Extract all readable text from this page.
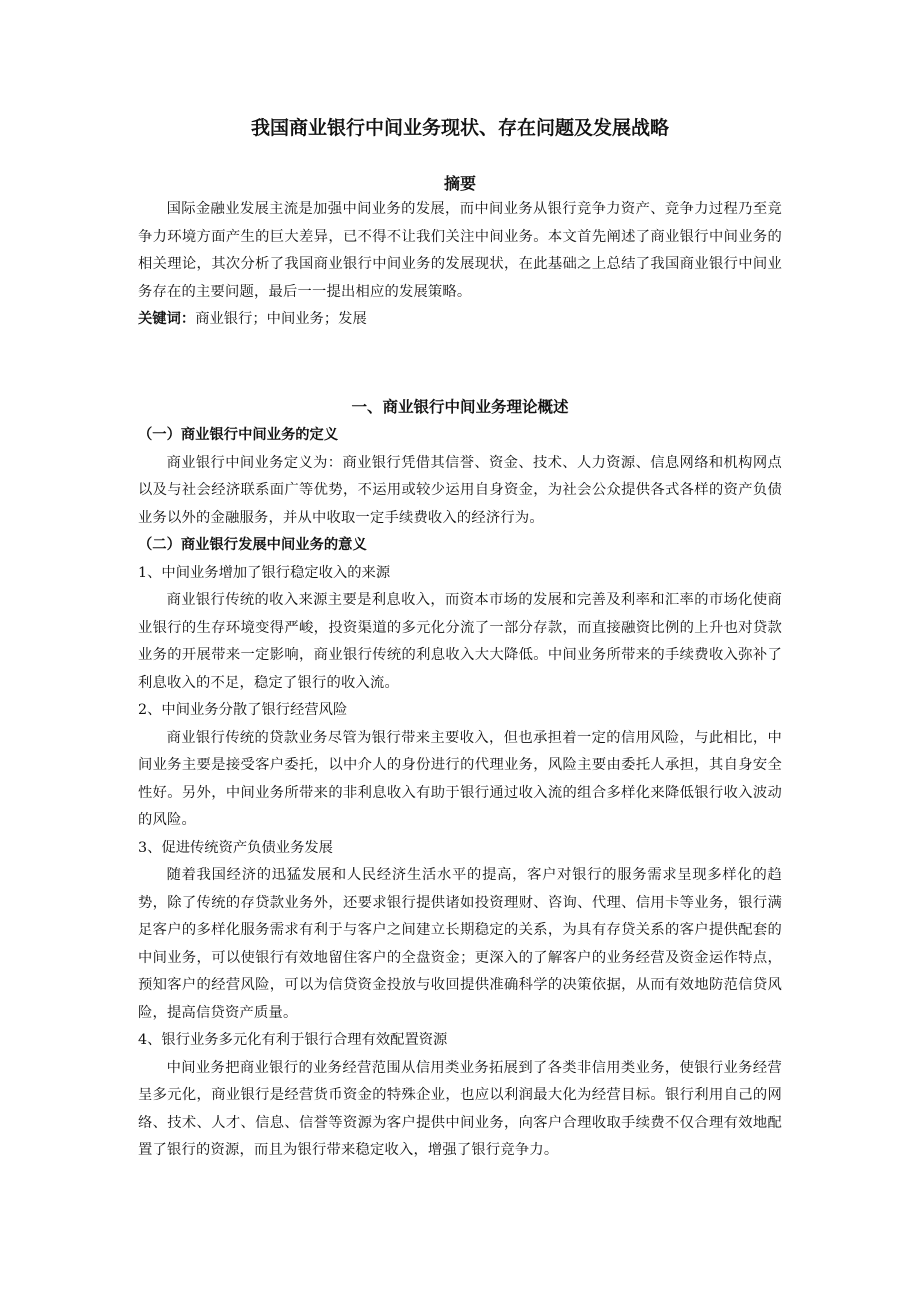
我国商业银行中间业务现状、存在问题及发展战略
摘要

国际金融业发展主流是加强中间业务的发展，而中间业务从银行竞争力资产、竞争力过程乃至竞争力环境方面产生的巨大差异，已不得不让我们关注中间业务。本文首先阐述了商业银行中间业务的相关理论，其次分析了我国商业银行中间业务的发展现状，在此基础之上总结了我国商业银行中间业务存在的主要问题，最后一一提出相应的发展策略。

关键词：商业银行；中间业务；发展

一、商业银行中间业务理论概述
（一）商业银行中间业务的定义

商业银行中间业务定义为：商业银行凭借其信誉、资金、技术、人力资源、信息网络和机构网点以及与社会经济联系面广等优势，不运用或较少运用自身资金，为社会公众提供各式各样的资产负债业务以外的金融服务，并从中收取一定手续费收入的经济行为。

（二）商业银行发展中间业务的意义

1、中间业务增加了银行稳定收入的来源

商业银行传统的收入来源主要是利息收入，而资本市场的发展和完善及利率和汇率的市场化使商业银行的生存环境变得严峻，投资渠道的多元化分流了一部分存款，而直接融资比例的上升也对贷款业务的开展带来一定影响，商业银行传统的利息收入大大降低。中间业务所带来的手续费收入弥补了利息收入的不足，稳定了银行的收入流。

2、中间业务分散了银行经营风险

商业银行传统的贷款业务尽管为银行带来主要收入，但也承担着一定的信用风险，与此相比，中间业务主要是接受客户委托，以中介人的身份进行的代理业务，风险主要由委托人承担，其自身安全性好。另外，中间业务所带来的非利息收入有助于银行通过收入流的组合多样化来降低银行收入波动的风险。

3、促进传统资产负债业务发展

随着我国经济的迅猛发展和人民经济生活水平的提高，客户对银行的服务需求呈现多样化的趋势，除了传统的存贷款业务外，还要求银行提供诸如投资理财、咨询、代理、信用卡等业务，银行满足客户的多样化服务需求有利于与客户之间建立长期稳定的关系，为具有存贷关系的客户提供配套的中间业务，可以使银行有效地留住客户的全盘资金；更深入的了解客户的业务经营及资金运作特点，预知客户的经营风险，可以为信贷资金投放与收回提供准确科学的决策依据，从而有效地防范信贷风险，提高信贷资产质量。

4、银行业务多元化有利于银行合理有效配置资源

中间业务把商业银行的业务经营范围从信用类业务拓展到了各类非信用类业务，使银行业务经营呈多元化，商业银行是经营货币资金的特殊企业，也应以利润最大化为经营目标。银行利用自己的网络、技术、人才、信息、信誉等资源为客户提供中间业务，向客户合理收取手续费不仅合理有效地配置了银行的资源，而且为银行带来稳定收入，增强了银行竞争力。
